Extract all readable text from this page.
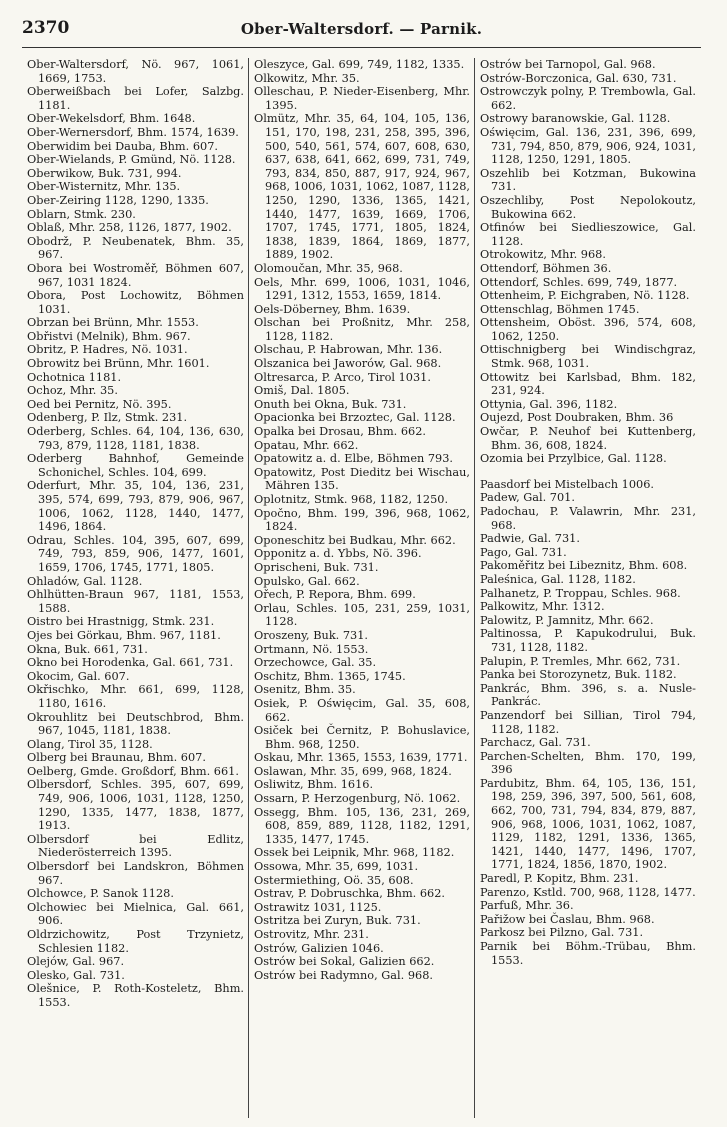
2370	Ober-Waltersdorf. — Parnik.

Ober-Waltersdorf, Nö. 967, 1061, 1669, 1753.

Oberweißbach bei Lofer, Salzbg. 1181.

Ober-Wekelsdorf, Bhm. 1648.

Ober-Wernersdorf, Bhm. 1574, 1639.

Oberwidim bei Dauba, Bhm. 607.

Ober-Wielands, P. Gmünd, Nö. 1128.

Oberwikow, Buk. 731, 994.

Ober-Wisternitz, Mhr. 135.

Ober-Zeiring 1128, 1290, 1335.

Oblarn, Stmk. 230.

Oblaß, Mhr. 258, 1126, 1877, 1902.

Obodrž, P. Neubenatek, Bhm. 35, 967.

Obora bei Wostroměř, Böhmen 607, 967, 1031 1824.

Obora, Post Lochowitz, Böhmen 1031.

Obrzan bei Brünn, Mhr. 1553.

Obřistvi (Melnik), Bhm. 967.

Obritz, P. Hadres, Nö. 1031.

Obrowitz bei Brünn, Mhr. 1601.

Ochotnica 1181.

Ochoz, Mhr. 35.

Oed bei Pernitz, Nö. 395.

Odenberg, P. Ilz, Stmk. 231.

Oderberg, Schles. 64, 104, 136, 630, 793, 879, 1128, 1181, 1838.

Oderberg Bahnhof, Gemeinde Schonichel, Schles. 104, 699.

Oderfurt, Mhr. 35, 104, 136, 231, 395, 574, 699, 793, 879, 906, 967, 1006, 1062, 1128, 1440, 1477, 1496, 1864.

Odrau, Schles. 104, 395, 607, 699, 749, 793, 859, 906, 1477, 1601, 1659, 1706, 1745, 1771, 1805.

Ohladów, Gal. 1128.

Ohlhütten-Braun 967, 1181, 1553, 1588.

Oistro bei Hrastnigg, Stmk. 231.

Ojes bei Görkau, Bhm. 967, 1181.

Okna, Buk. 661, 731.

Okno bei Horodenka, Gal. 661, 731.

Okocim, Gal. 607.

Okřischko, Mhr. 661, 699, 1128, 1180, 1616.

Okrouhlitz bei Deutschbrod, Bhm. 967, 1045, 1181, 1838.

Olang, Tirol 35, 1128.

Olberg bei Braunau, Bhm. 607.

Oelberg, Gmde. Großdorf, Bhm. 661.

Olbersdorf, Schles. 395, 607, 699, 749, 906, 1006, 1031, 1128, 1250, 1290, 1335, 1477, 1838, 1877, 1913.

Olbersdorf bei Edlitz, Niederösterreich 1395.

Olbersdorf bei Landskron, Böhmen 967.

Olchowce, P. Sanok 1128.

Olchowiec bei Mielnica, Gal. 661, 906.

Oldrzichowitz, Post Trzynietz, Schlesien 1182.

Olejów, Gal. 967.

Olesko, Gal. 731.

Olešnice, P. Roth-Kosteletz, Bhm. 1553.

Oleszyce, Gal. 699, 749, 1182, 1335.

Olkowitz, Mhr. 35.

Olleschau, P. Nieder-Eisenberg, Mhr. 1395.

Olmütz, Mhr. 35, 64, 104, 105, 136, 151, 170, 198, 231, 258, 395, 396, 500, 540, 561, 574, 607, 608, 630, 637, 638, 641, 662, 699, 731, 749, 793, 834, 850, 887, 917, 924, 967, 968, 1006, 1031, 1062, 1087, 1128, 1250, 1290, 1336, 1365, 1421, 1440, 1477, 1639, 1669, 1706, 1707, 1745, 1771, 1805, 1824, 1838, 1839, 1864, 1869, 1877, 1889, 1902.

Olomoučan, Mhr. 35, 968.

Oels, Mhr. 699, 1006, 1031, 1046, 1291, 1312, 1553, 1659, 1814.

Oels-Döberney, Bhm. 1639.

Olschan bei Proßnitz, Mhr. 258, 1128, 1182.

Olschau, P. Habrowan, Mhr. 136.

Olszanica bei Jaworów, Gal. 968.

Oltresarca, P. Arco, Tirol 1031.

Omiš, Dal. 1805.

Onuth bei Okna, Buk. 731.

Opacionka bei Brzoztec, Gal. 1128.

Opalka bei Drosau, Bhm. 662.

Opatau, Mhr. 662.

Opatowitz a. d. Elbe, Böhmen 793.

Opatowitz, Post Dieditz bei Wischau, Mähren 135.

Oplotnitz, Stmk. 968, 1182, 1250.

Opočno, Bhm. 199, 396, 968, 1062, 1824.

Oponeschitz bei Budkau, Mhr. 662.

Opponitz a. d. Ybbs, Nö. 396.

Oprischeni, Buk. 731.

Opulsko, Gal. 662.

Ořech, P. Repora, Bhm. 699.

Orlau, Schles. 105, 231, 259, 1031, 1128.

Oroszeny, Buk. 731.

Ortmann, Nö. 1553.

Orzechowce, Gal. 35.

Oschitz, Bhm. 1365, 1745.

Osenitz, Bhm. 35.

Osiek, P. Oświęcim, Gal. 35, 608, 662.

Osiček bei Černitz, P. Bohuslavice, Bhm. 968, 1250.

Oskau, Mhr. 1365, 1553, 1639, 1771.

Oslawan, Mhr. 35, 699, 968, 1824.

Osliwitz, Bhm. 1616.

Ossarn, P. Herzogenburg, Nö. 1062.

Ossegg, Bhm. 105, 136, 231, 269, 608, 859, 889, 1128, 1182, 1291, 1335, 1477, 1745.

Ossek bei Leipnik, Mhr. 968, 1182.

Ossowa, Mhr. 35, 699, 1031.

Ostermiething, Oö. 35, 608.

Ostrav, P. Dobruschka, Bhm. 662.

Ostrawitz 1031, 1125.

Ostritza bei Zuryn, Buk. 731.

Ostrovitz, Mhr. 231.

Ostrów, Galizien 1046.

Ostrów bei Sokal, Galizien 662.

Ostrów bei Radymno, Gal. 968.

Ostrów bei Tarnopol, Gal. 968.

Ostrów-Borczonica, Gal. 630, 731.

Ostrowczyk polny, P. Trembowla, Gal. 662.

Ostrowy baranowskie, Gal. 1128.

Oświęcim, Gal. 136, 231, 396, 699, 731, 794, 850, 879, 906, 924, 1031, 1128, 1250, 1291, 1805.

Oszehlib bei Kotzman, Bukowina 731.

Oszechliby, Post Nepolokoutz, Bukowina 662.

Otfinów bei Siedlieszowice, Gal. 1128.

Otrokowitz, Mhr. 968.

Ottendorf, Böhmen 36.

Ottendorf, Schles. 699, 749, 1877.

Ottenheim, P. Eichgraben, Nö. 1128.

Ottenschlag, Böhmen 1745.

Ottensheim, Oböst. 396, 574, 608, 1062, 1250.

Ottischnigberg bei Windischgraz, Stmk. 968, 1031.

Ottowitz bei Karlsbad, Bhm. 182, 231, 924.

Ottynia, Gal. 396, 1182.

Oujezd, Post Doubraken, Bhm. 36

Owčar, P. Neuhof bei Kuttenberg, Bhm. 36, 608, 1824.

Ozomia bei Przylbice, Gal. 1128.

Paasdorf bei Mistelbach 1006.

Padew, Gal. 701.

Padochau, P. Valawrin, Mhr. 231, 968.

Padwie, Gal. 731.

Pago, Gal. 731.

Pakoměřitz bei Libeznitz, Bhm. 608.

Paleśnica, Gal. 1128, 1182.

Palhanetz, P. Troppau, Schles. 968.

Palkowitz, Mhr. 1312.

Palowitz, P. Jamnitz, Mhr. 662.

Paltinossa, P. Kapukodrului, Buk. 731, 1128, 1182.

Palupin, P. Tremles, Mhr. 662, 731.

Panka bei Storozynetz, Buk. 1182.

Pankrác, Bhm. 396, s. a. Nusle-Pankrác.

Panzendorf bei Sillian, Tirol 794, 1128, 1182.

Parchacz, Gal. 731.

Parchen-Schelten, Bhm. 170, 199, 396

Pardubitz, Bhm. 64, 105, 136, 151, 198, 259, 396, 397, 500, 561, 608, 662, 700, 731, 794, 834, 879, 887, 906, 968, 1006, 1031, 1062, 1087, 1129, 1182, 1291, 1336, 1365, 1421, 1440, 1477, 1496, 1707, 1771, 1824, 1856, 1870, 1902.

Paredl, P. Kopitz, Bhm. 231.

Parenzo, Kstld. 700, 968, 1128, 1477.

Parfuß, Mhr. 36.

Pařižow bei Časlau, Bhm. 968.

Parkosz bei Pilzno, Gal. 731.

Parnik bei Böhm.-Trübau, Bhm. 1553.
